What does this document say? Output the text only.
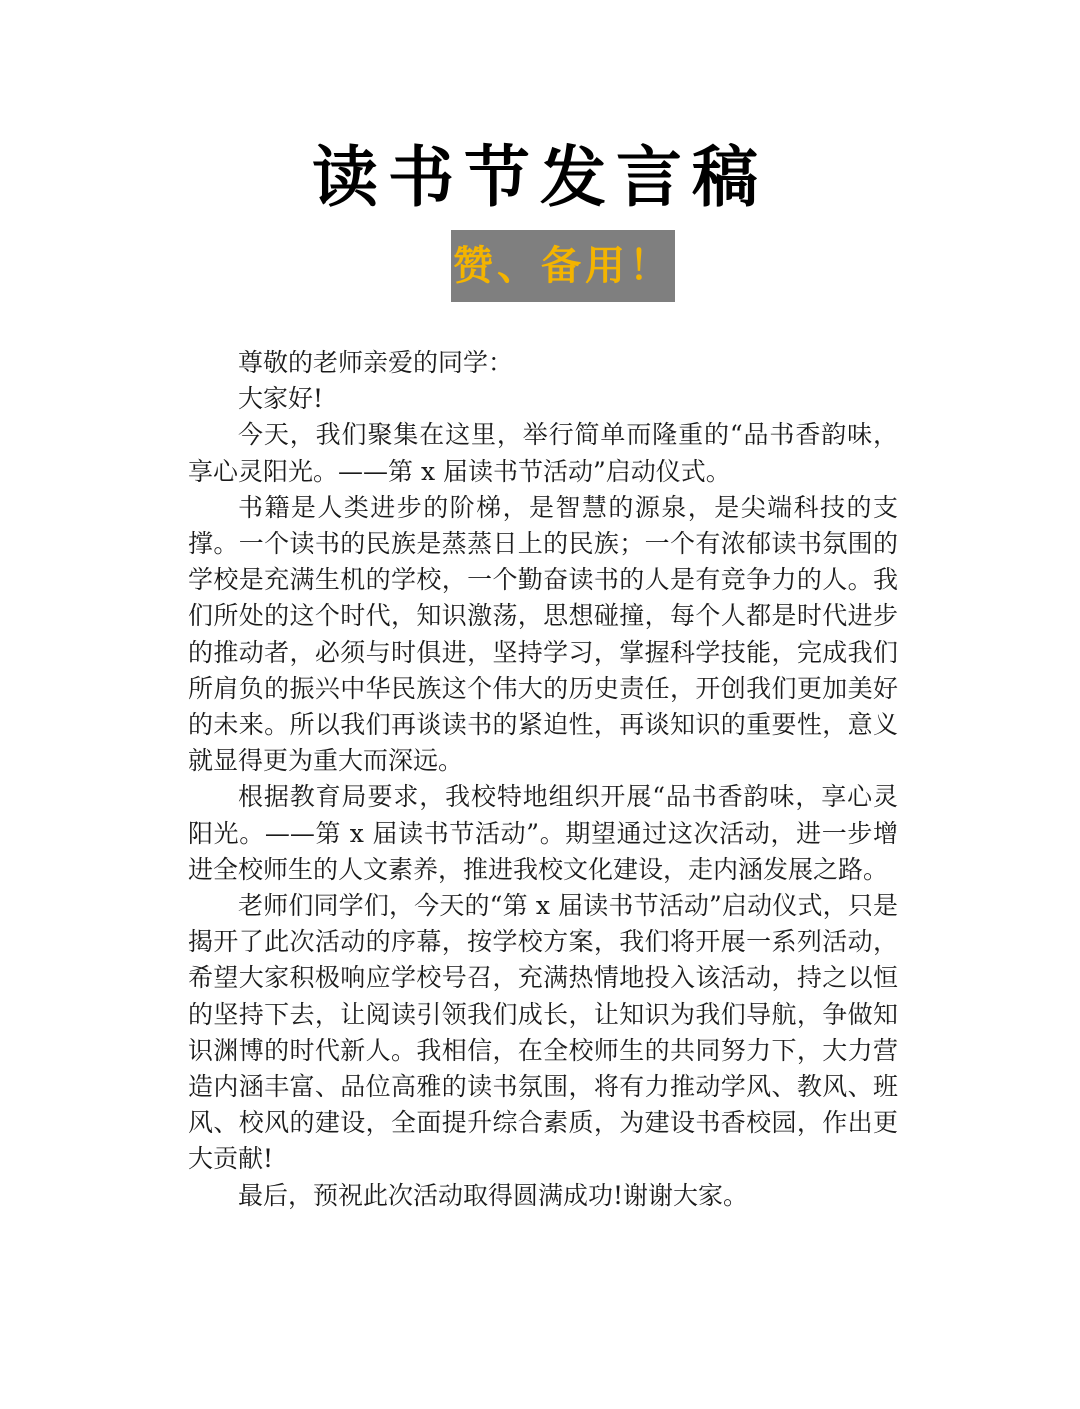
读书节发言稿
赞、备用！

尊敬的老师亲爱的同学：

大家好!

今天，我们聚集在这里，举行简单而隆重的“品书香韵味，享心灵阳光。——第 x 届读书节活动”启动仪式。

书籍是人类进步的阶梯，是智慧的源泉，是尖端科技的支撑。一个读书的民族是蒸蒸日上的民族；一个有浓郁读书氛围的学校是充满生机的学校，一个勤奋读书的人是有竞争力的人。我们所处的这个时代，知识激荡，思想碰撞，每个人都是时代进步的推动者，必须与时俱进，坚持学习，掌握科学技能，完成我们所肩负的振兴中华民族这个伟大的历史责任，开创我们更加美好的未来。所以我们再谈读书的紧迫性，再谈知识的重要性，意义就显得更为重大而深远。

根据教育局要求，我校特地组织开展“品书香韵味，享心灵阳光。——第 x 届读书节活动”。期望通过这次活动，进一步增进全校师生的人文素养，推进我校文化建设，走内涵发展之路。

老师们同学们，今天的“第 x 届读书节活动”启动仪式，只是揭开了此次活动的序幕，按学校方案，我们将开展一系列活动，希望大家积极响应学校号召，充满热情地投入该活动，持之以恒的坚持下去，让阅读引领我们成长，让知识为我们导航，争做知识渊博的时代新人。我相信，在全校师生的共同努力下，大力营造内涵丰富、品位高雅的读书氛围，将有力推动学风、教风、班风、校风的建设，全面提升综合素质，为建设书香校园，作出更大贡献!

最后，预祝此次活动取得圆满成功!谢谢大家。
